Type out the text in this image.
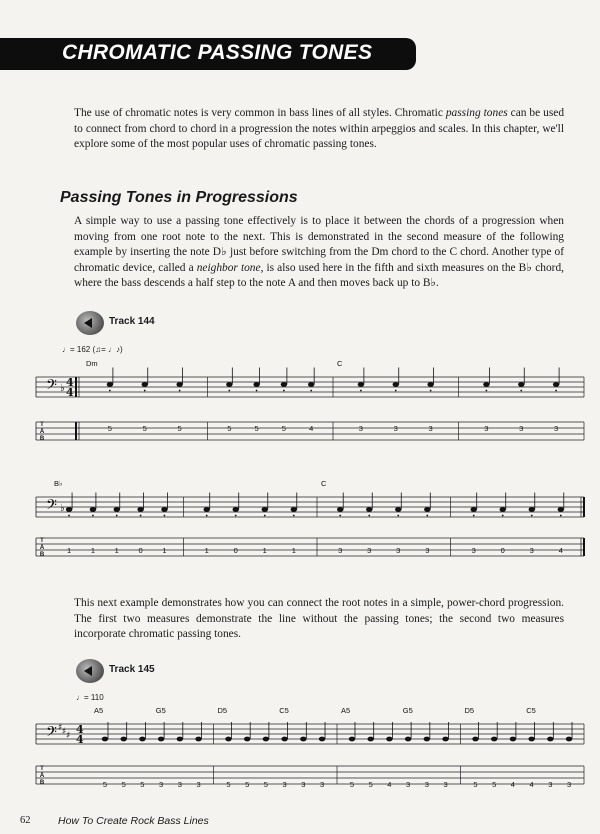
CHROMATIC PASSING TONES

The use of chromatic notes is very common in bass lines of all styles. Chromatic passing tones can be used to connect from chord to chord in a progression the notes within arpeggios and scales. In this chapter, we'll explore some of the most popular uses of chromatic passing tones.

Passing Tones in Progressions

A simple way to use a passing tone effectively is to place it between the chords of a progression when moving from one root note to the next. This is demonstrated in the second measure of the following example by inserting the note D♭ just before switching from the Dm chord to the C chord. Another type of chromatic device, called a neighbor tone, is also used here in the fifth and sixth measures on the B♭ chord, where the bass descends a half step to the note A and then moves back up to B♭.

Track 144
♩= 162 (♫= ♩♪)
𝄢 ♭ 4
4
T
A
B
Dm	C
5	5	5	5	5	5	4	3	3	3	3	3	3
𝄢 ♭
T
A
B
B♭	C
1	1	1	0	1	1	0	1	1	3	3	3	3	3	0	3	4

This next example demonstrates how you can connect the root notes in a simple, power-chord progression. The first two measures demonstrate the line without the passing tones; the second two measures incorporate chromatic passing tones.

Track 145
♩= 110
𝄢 ♯ ♯ ♯ 4
4
T
A
B
A5	G5	D5	C5	A5	G5	D5	C5
5 5 5 3 3 3	5 5 5 3 3 3	5 5 4 3 3 3	5 5 4 4 3 3
62	How To Create Rock Bass Lines
